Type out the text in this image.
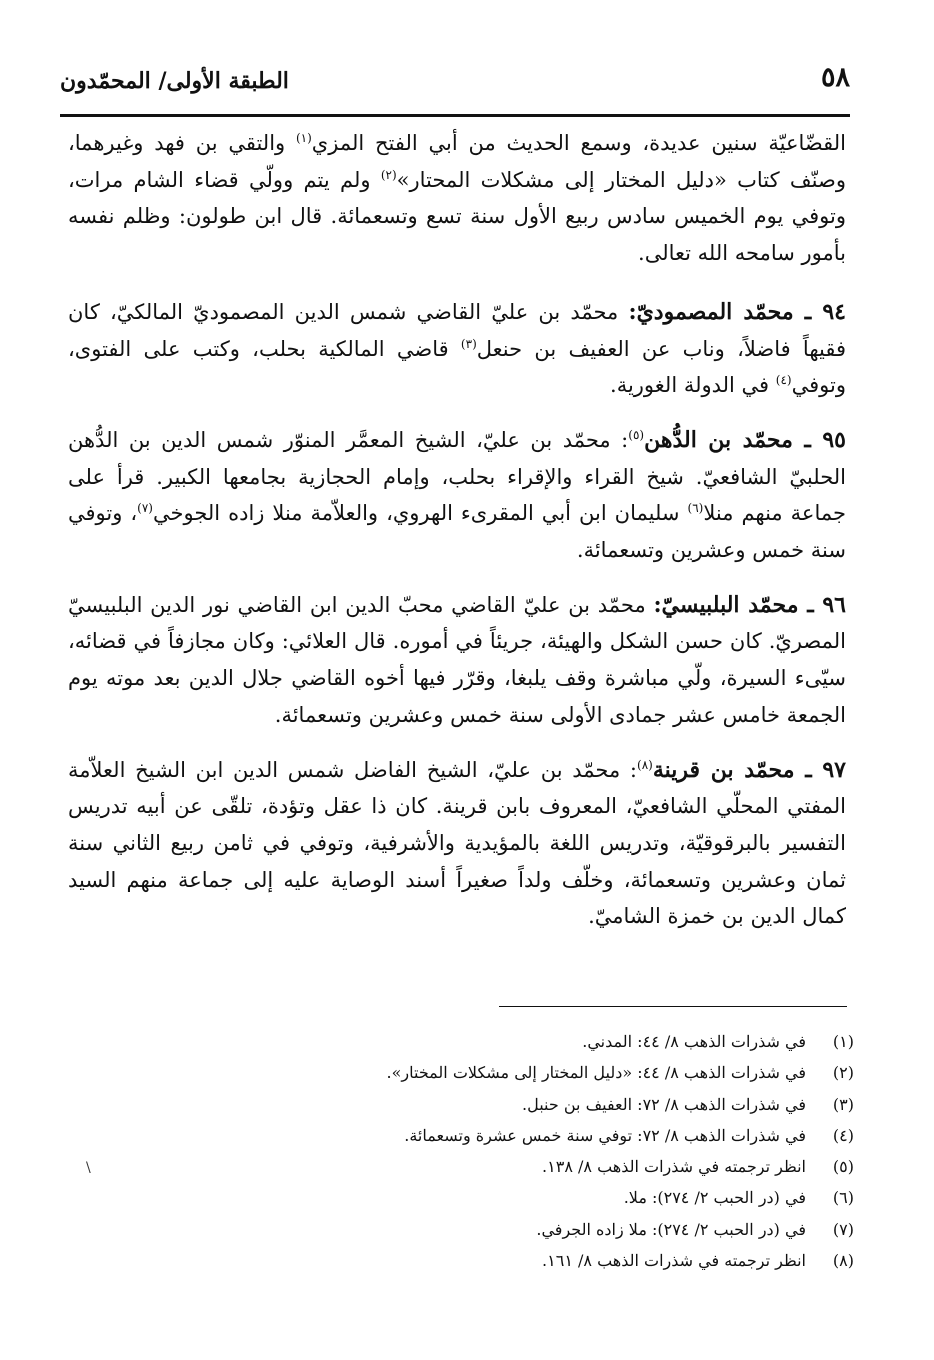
٥٨
الطبقة الأولى/ المحمّدون

القضّاعيّة سنين عديدة، وسمع الحديث من أبي الفتح المزي$^{(١)}$ والتقي بن فهد وغيرهما، وصنّف كتاب «دليل المختار إلى مشكلات المحتار»$^{(٢)}$ ولم يتم وولّي قضاء الشام مرات، وتوفي يوم الخميس سادس ربيع الأول سنة تسع وتسعمائة. قال ابن طولون: وظلم نفسه بأمور سامحه الله تعالى.

٩٤ ـ محمّد المصموديّ: محمّد بن عليّ القاضي شمس الدين المصموديّ المالكيّ، كان فقيهاً فاضلاً، وناب عن العفيف بن حنعل$^{(٣)}$ قاضي المالكية بحلب، وكتب على الفتوى، وتوفي$^{(٤)}$ في الدولة الغورية.

٩٥ ـ محمّد بن الدُّهن$^{(٥)}$: محمّد بن عليّ، الشيخ المعمَّر المنوّر شمس الدين بن الدُّهن الحلبيّ الشافعيّ. شيخ القراء والإقراء بحلب، وإمام الحجازية بجامعها الكبير. قرأ على جماعة منهم منلا$^{(٦)}$ سليمان ابن أبي المقرىء الهروي، والعلاّمة منلا زاده الجوخي$^{(٧)}$، وتوفي سنة خمس وعشرين وتسعمائة.

٩٦ ـ محمّد البلبيسيّ: محمّد بن عليّ القاضي محبّ الدين ابن القاضي نور الدين البلبيسيّ المصريّ. كان حسن الشكل والهيئة، جريئاً في أموره. قال العلائي: وكان مجازفاً في قضائه، سيّىء السيرة، ولّي مباشرة وقف يلبغا، وقرّر فيها أخوه القاضي جلال الدين بعد موته يوم الجمعة خامس عشر جمادى الأولى سنة خمس وعشرين وتسعمائة.

٩٧ ـ محمّد بن قرينة$^{(٨)}$: محمّد بن عليّ، الشيخ الفاضل شمس الدين ابن الشيخ العلاّمة المفتي المحلّي الشافعيّ، المعروف بابن قرينة. كان ذا عقل وتؤدة، تلقّى عن أبيه تدريس التفسير بالبرقوقيّة، وتدريس اللغة بالمؤيدية والأشرفية، وتوفي في ثامن ربيع الثاني سنة ثمان وعشرين وتسعمائة، وخلّف ولداً صغيراً أسند الوصاية عليه إلى جماعة منهم السيد كمال الدين بن خمزة الشاميّ.

(١)في شذرات الذهب ٨/ ٤٤: المدني.
(٢)في شذرات الذهب ٨/ ٤٤: «دليل المختار إلى مشكلات المختار».
(٣)في شذرات الذهب ٨/ ٧٢: العفيف بن حنبل.
(٤)في شذرات الذهب ٨/ ٧٢: توفي سنة خمس عشرة وتسعمائة.
(٥)انظر ترجمته في شذرات الذهب ٨/ ١٣٨.
(٦)في (در الحبب ٢/ ٢٧٤): ملا.
(٧)في (در الحبب ٢/ ٢٧٤): ملا زاده الجرفي.
(٨)انظر ترجمته في شذرات الذهب ٨/ ١٦١.
\
